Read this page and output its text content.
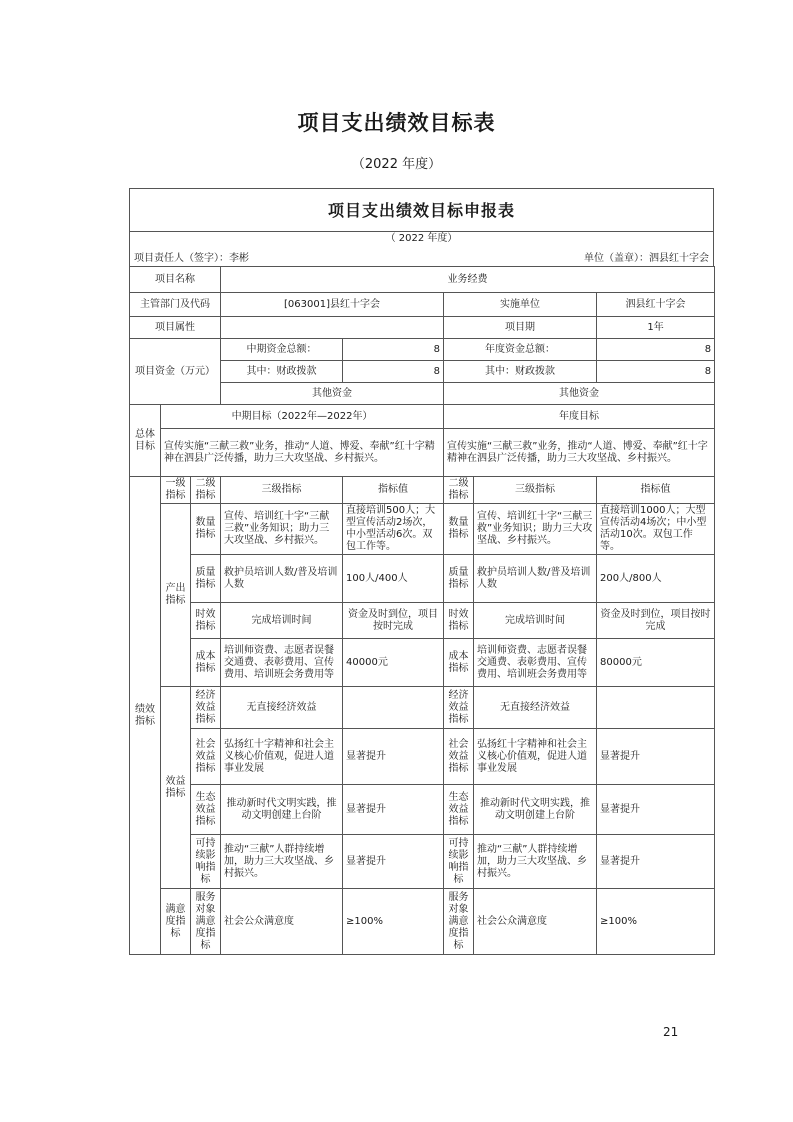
项目支出绩效目标表
（2022 年度）
项目支出绩效目标申报表
（ 2022 年度）
项目责任人（签字）：李彬	单位（盖章）：泗县红十字会
项目名称			业务经费				
主管部门及代码			[063001]县红十字会		实施单位		泗县红十字会
项目属性					项目期		1年
项目资金（万元）			中期资金总额：	8	年度资金总额：		8
			其中：财政拨款	8	其中：财政拨款		8
			其他资金		其他资金		
总体目标	中期目标（2022年—2022年）				年度目标		
	宣传实施“三献三救”业务，推动“人道、博爱、奉献”红十字精神在泗县广泛传播，助力三大攻坚战、乡村振兴。				宣传实施“三献三救”业务，推动“人道、博爱、奉献”红十字精神在泗县广泛传播，助力三大攻坚战、乡村振兴。		
绩效指标	一级指标	二级指标	三级指标	指标值	二级指标	三级指标	指标值
	产出指标	数量指标	宣传、培训红十字“三献三救”业务知识；助力三大攻坚战、乡村振兴。	直接培训500人；大型宣传活动2场次，中小型活动6次。双包工作等。	数量指标	宣传、培训红十字“三献三救”业务知识；助力三大攻坚战、乡村振兴。	直接培训1000人；大型宣传活动4场次；中小型活动10次。双包工作等。
		质量指标	救护员培训人数/普及培训人数	100人/400人	质量指标	救护员培训人数/普及培训人数	200人/800人
		时效指标	完成培训时间	资金及时到位，项目按时完成	时效指标	完成培训时间	资金及时到位，项目按时完成
		成本指标	培训师资费、志愿者误餐交通费、表彰费用、宣传费用、培训班会务费用等	40000元	成本指标	培训师资费、志愿者误餐交通费、表彰费用、宣传费用、培训班会务费用等	80000元
	效益指标	经济效益指标	无直接经济效益		经济效益指标	无直接经济效益	
		社会效益指标	弘扬红十字精神和社会主义核心价值观，促进人道事业发展	显著提升	社会效益指标	弘扬红十字精神和社会主义核心价值观，促进人道事业发展	显著提升
		生态效益指标	推动新时代文明实践，推动文明创建上台阶	显著提升	生态效益指标	推动新时代文明实践，推动文明创建上台阶	显著提升
		可持续影响指标	推动“三献”人群持续增加，助力三大攻坚战、乡村振兴。	显著提升	可持续影响指标	推动“三献”人群持续增加，助力三大攻坚战、乡村振兴。	显著提升
	满意度指标	服务对象满意度指标	社会公众满意度	≥100%	服务对象满意度指标	社会公众满意度	≥100%
21
